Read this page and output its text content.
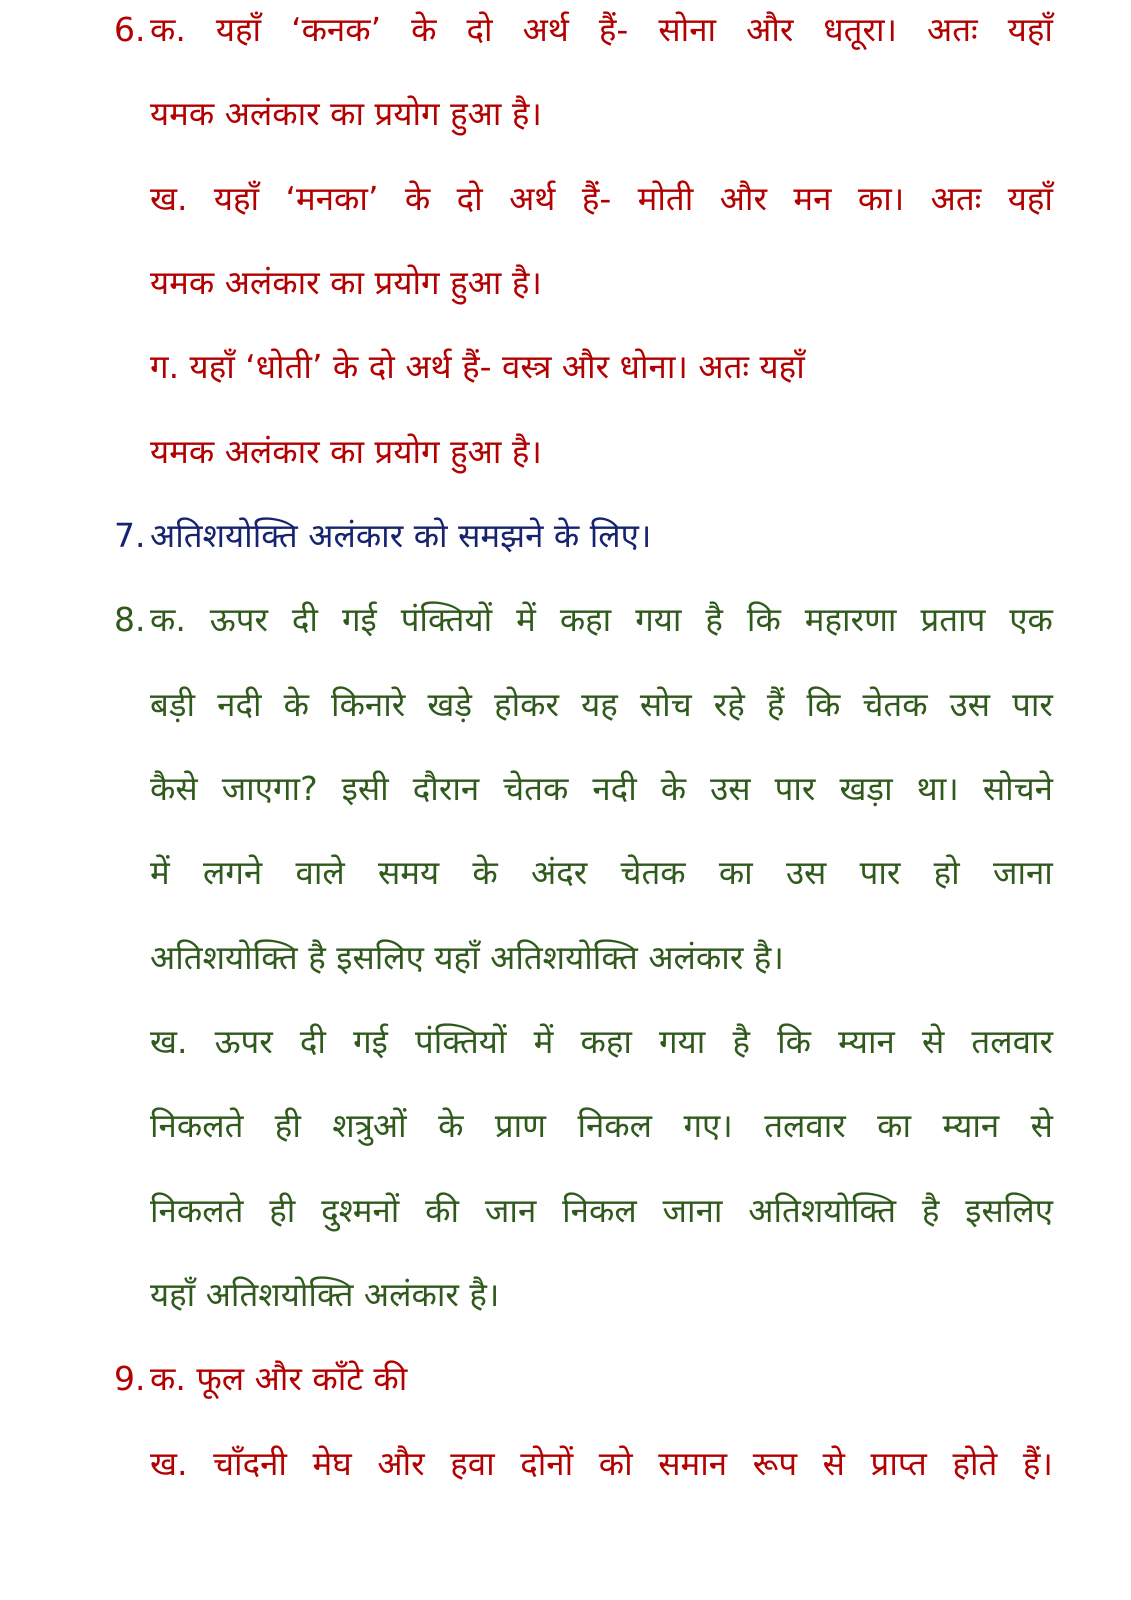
6. क. यहाँ ‘कनक’ के दो अर्थ हैं- सोना और धतूरा। अतः यहाँ
यमक अलंकार का प्रयोग हुआ है।
ख. यहाँ ‘मनका’ के दो अर्थ हैं- मोती और मन का। अतः यहाँ
यमक अलंकार का प्रयोग हुआ है।
ग. यहाँ ‘धोती’ के दो अर्थ हैं- वस्त्र और धोना। अतः यहाँ
यमक अलंकार का प्रयोग हुआ है।
7. अतिशयोक्ति अलंकार को समझने के लिए।
8. क. ऊपर दी गई पंक्तियों में कहा गया है कि महारणा प्रताप एक
बड़ी नदी के किनारे खड़े होकर यह सोच रहे हैं कि चेतक उस पार
कैसे जाएगा? इसी दौरान चेतक नदी के उस पार खड़ा था। सोचने
में लगने वाले समय के अंदर चेतक का उस पार हो जाना
अतिशयोक्ति है इसलिए यहाँ अतिशयोक्ति अलंकार है।
ख. ऊपर दी गई पंक्तियों में कहा गया है कि म्यान से तलवार
निकलते ही शत्रुओं के प्राण निकल गए। तलवार का म्यान से
निकलते ही दुश्मनों की जान निकल जाना अतिशयोक्ति है इसलिए
यहाँ अतिशयोक्ति अलंकार है।
9. क. फूल और काँटे की
ख. चाँदनी मेघ और हवा दोनों को समान रूप से प्राप्त होते हैं।
